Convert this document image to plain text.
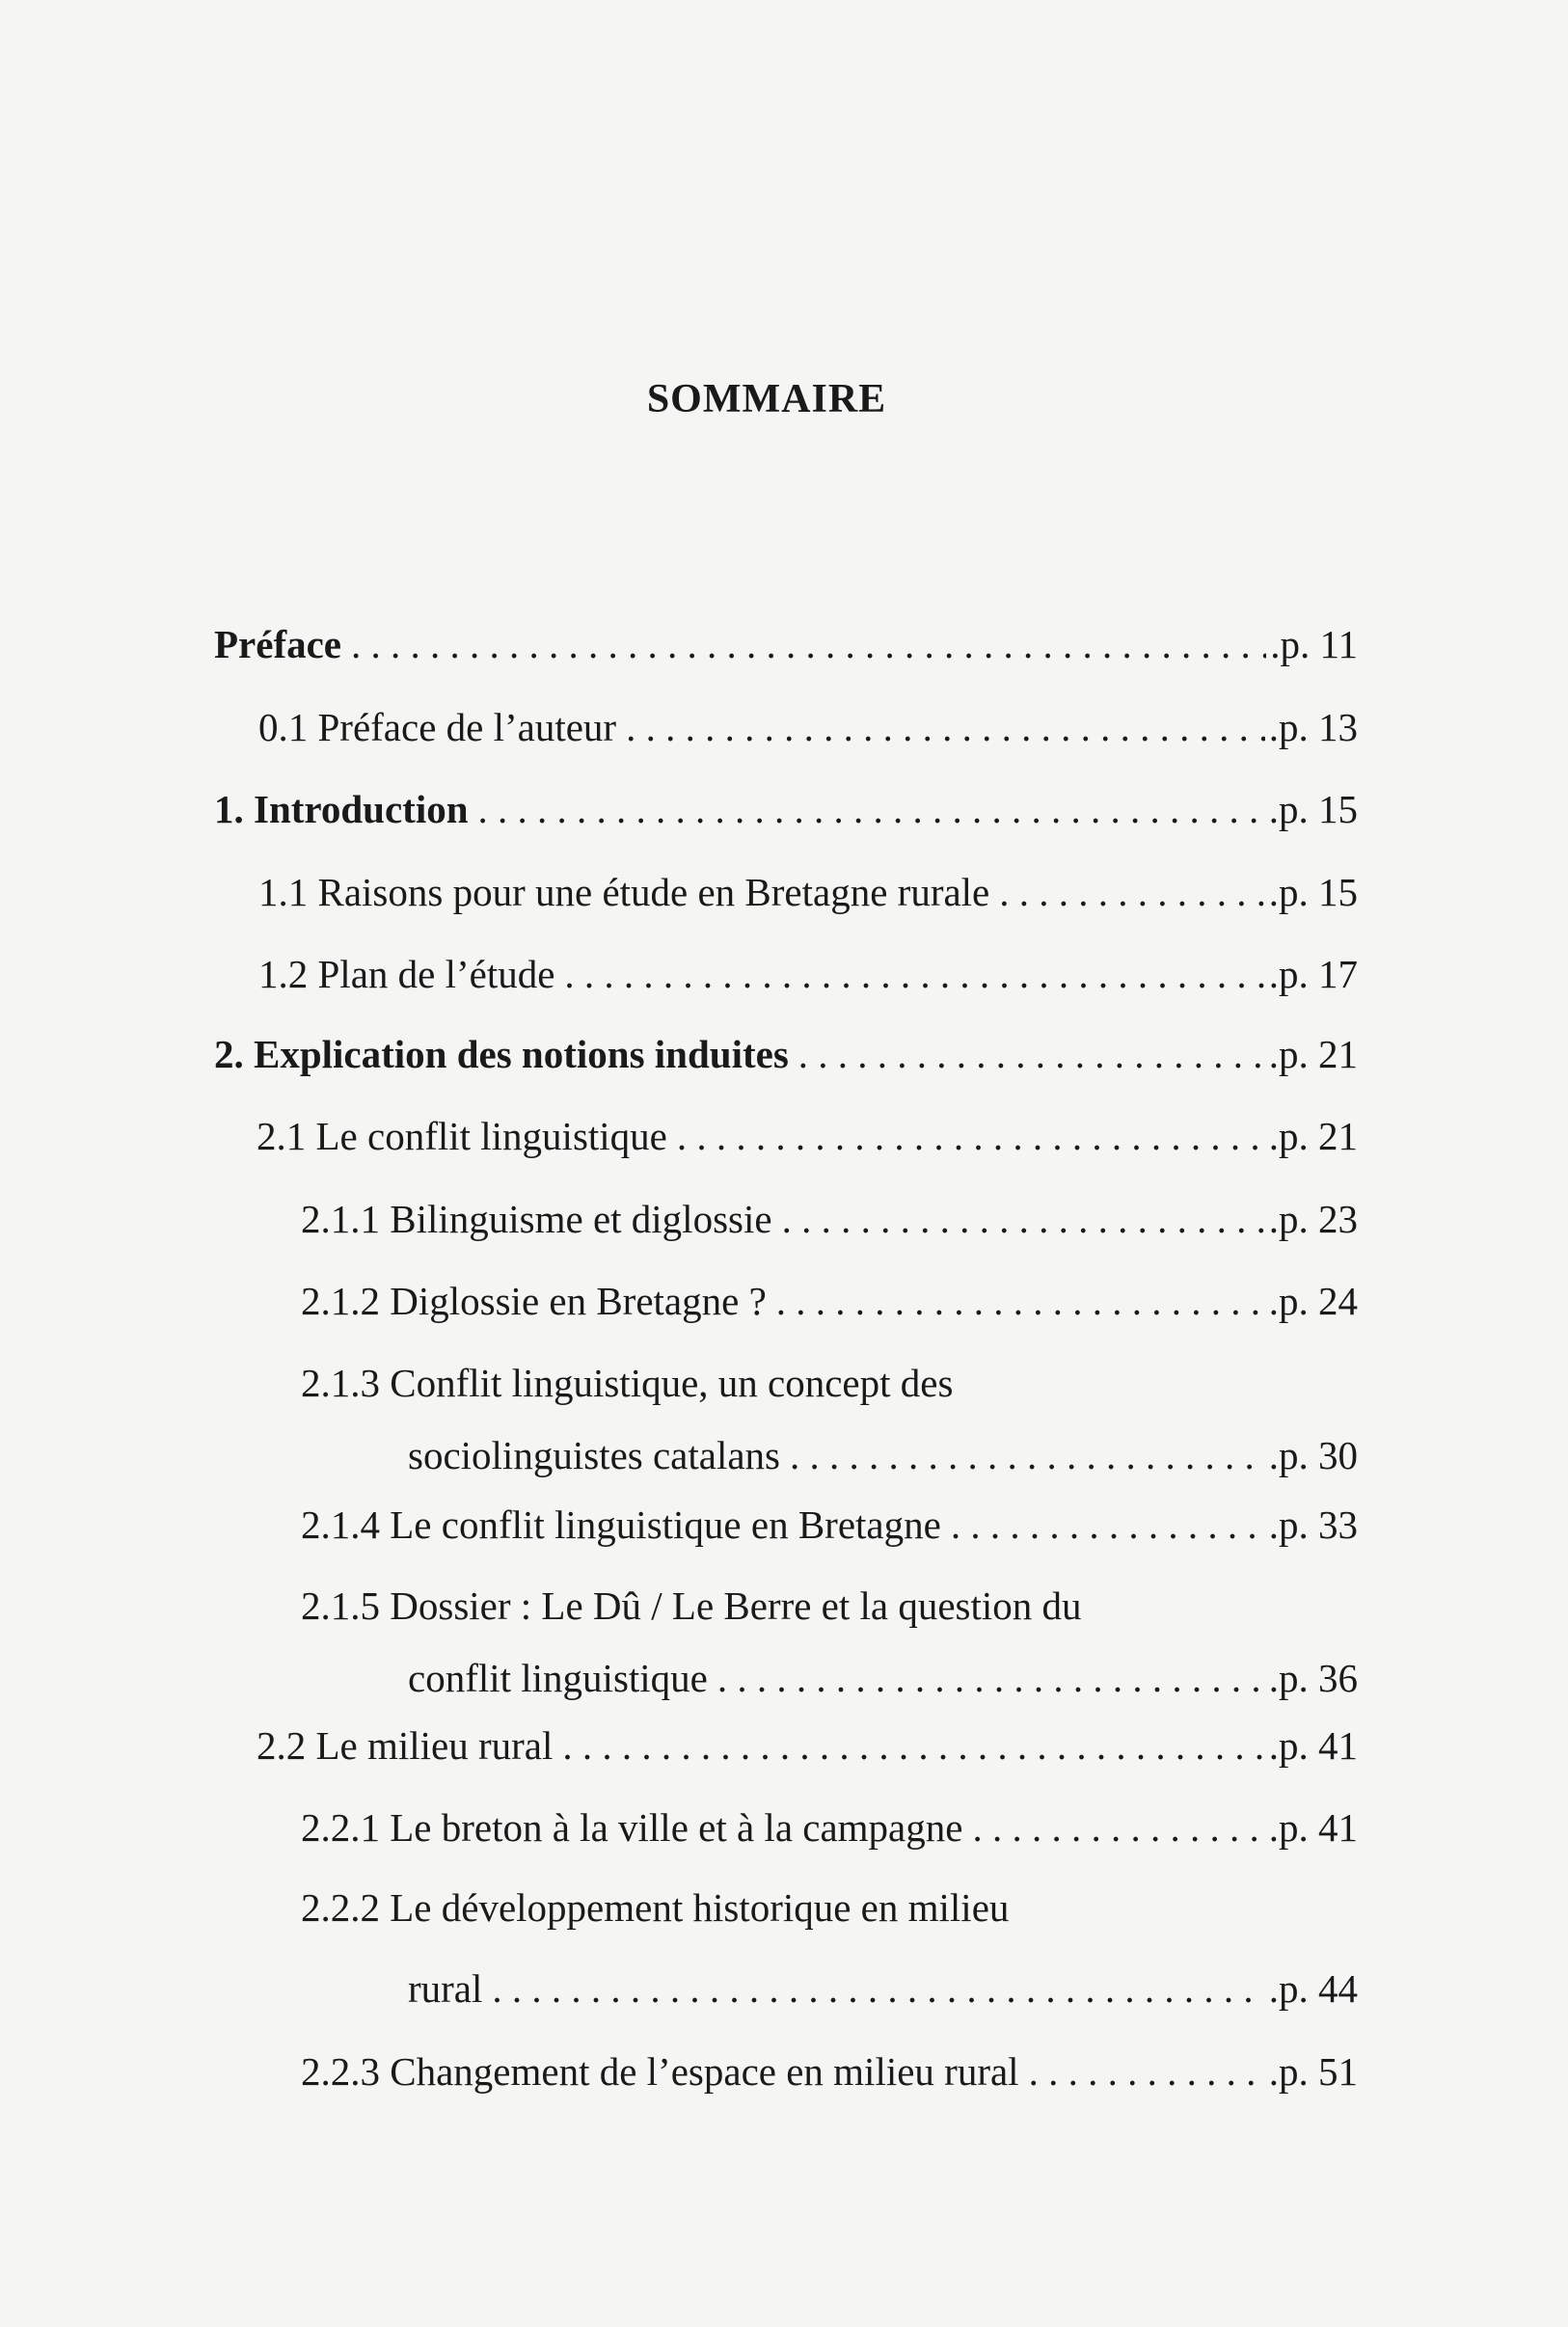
SOMMAIRE
Préface . . .	.p. 11
0.1 Préface de l’auteur . . .	.p. 13
1. Introduction . . .	.p. 15
1.1 Raisons pour une étude en Bretagne rurale . . .	.p. 15
1.2 Plan de l’étude . . .	.p. 17
2. Explication des notions induites . . .	.p. 21
2.1 Le conflit linguistique . . .	.p. 21
2.1.1 Bilinguisme et diglossie . . .	.p. 23
2.1.2 Diglossie en Bretagne ? . . .	.p. 24
2.1.3 Conflit linguistique, un concept des
sociolinguistes catalans . . .	.p. 30
2.1.4 Le conflit linguistique en Bretagne . . .	.p. 33
2.1.5 Dossier : Le Dû / Le Berre et la question du
conflit linguistique . . .	.p. 36
2.2 Le milieu rural . . .	.p. 41
2.2.1 Le breton à la ville et à la campagne . . .	.p. 41
2.2.2 Le développement historique en milieu
rural . . .	.p. 44
2.2.3 Changement de l’espace en milieu rural . . .	.p. 51
